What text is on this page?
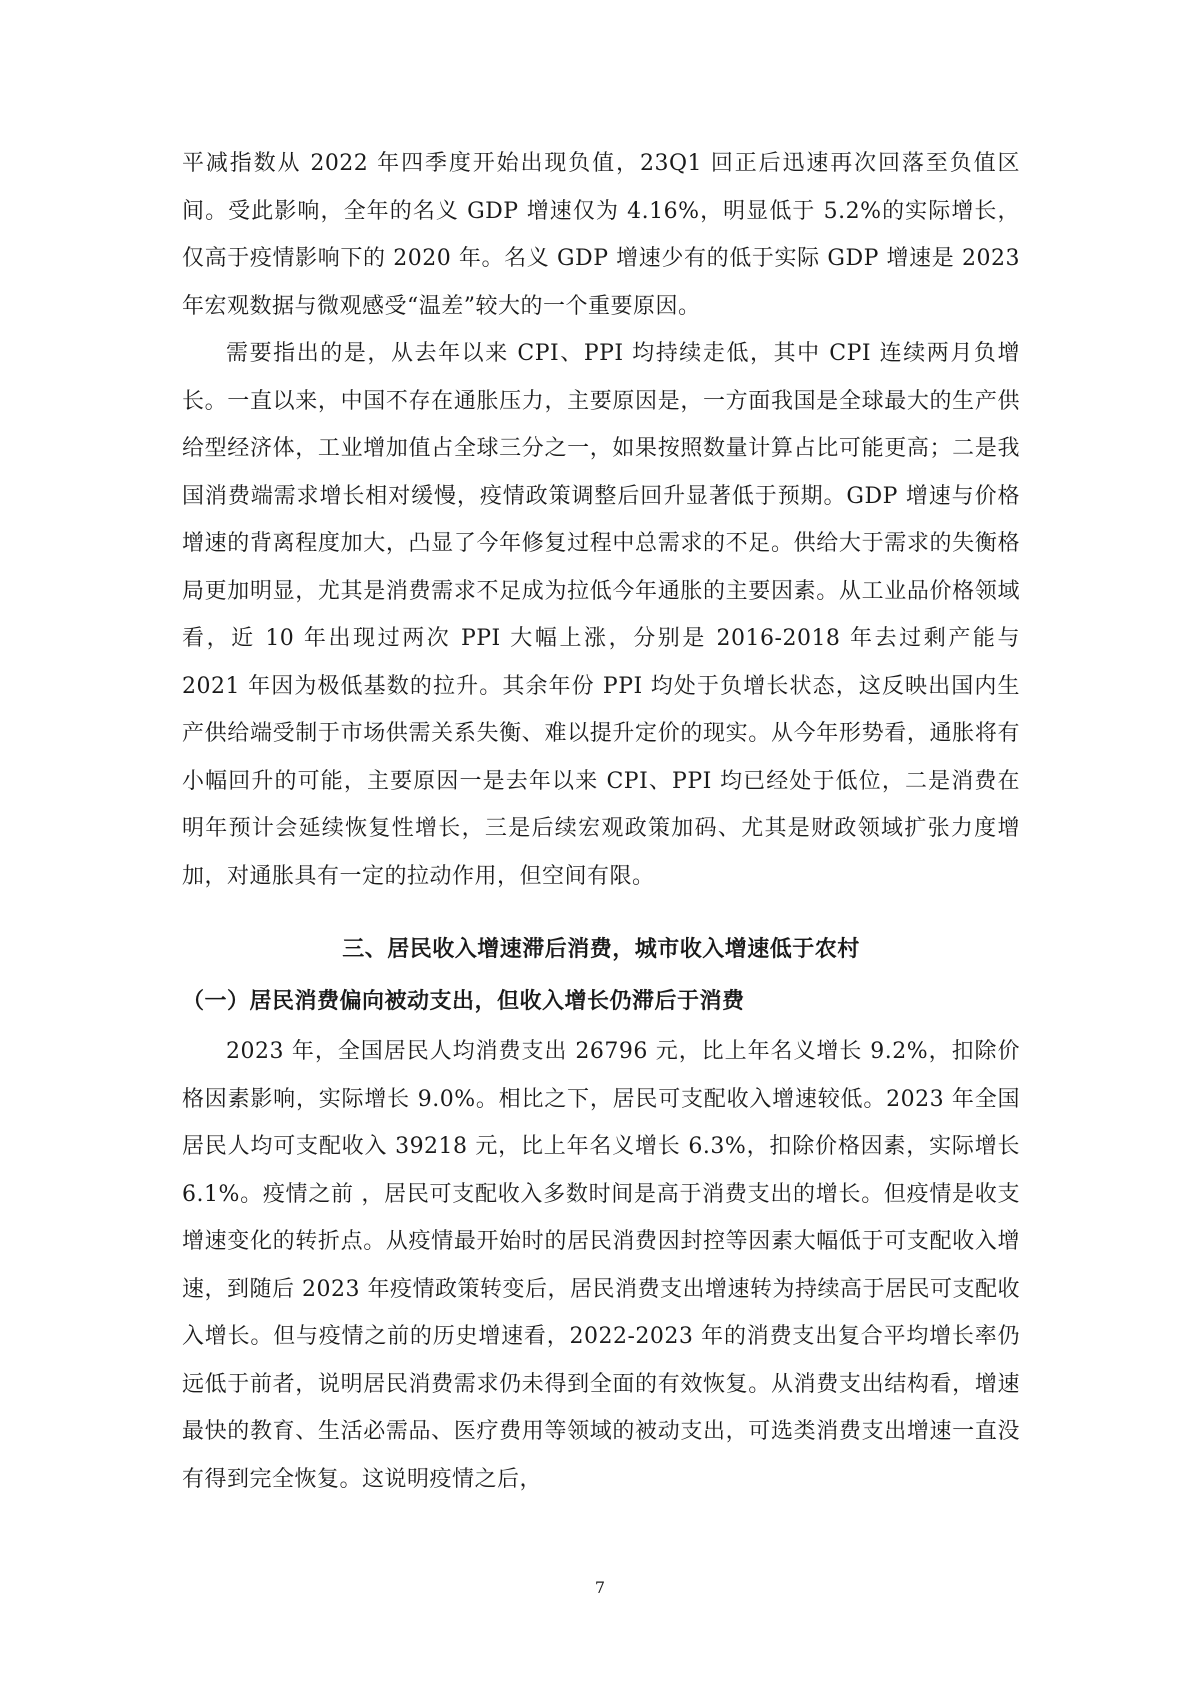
平减指数从 2022 年四季度开始出现负值，23Q1 回正后迅速再次回落至负值区间。受此影响，全年的名义 GDP 增速仅为 4.16%，明显低于 5.2%的实际增长，仅高于疫情影响下的 2020 年。名义 GDP 增速少有的低于实际 GDP 增速是 2023 年宏观数据与微观感受“温差”较大的一个重要原因。

需要指出的是，从去年以来 CPI、PPI 均持续走低，其中 CPI 连续两月负增长。一直以来，中国不存在通胀压力，主要原因是，一方面我国是全球最大的生产供给型经济体，工业增加值占全球三分之一，如果按照数量计算占比可能更高；二是我国消费端需求增长相对缓慢，疫情政策调整后回升显著低于预期。GDP 增速与价格增速的背离程度加大，凸显了今年修复过程中总需求的不足。供给大于需求的失衡格局更加明显，尤其是消费需求不足成为拉低今年通胀的主要因素。从工业品价格领域看，近 10 年出现过两次 PPI 大幅上涨，分别是 2016-2018 年去过剩产能与 2021 年因为极低基数的拉升。其余年份 PPI 均处于负增长状态，这反映出国内生产供给端受制于市场供需关系失衡、难以提升定价的现实。从今年形势看，通胀将有小幅回升的可能，主要原因一是去年以来 CPI、PPI 均已经处于低位，二是消费在明年预计会延续恢复性增长，三是后续宏观政策加码、尤其是财政领域扩张力度增加，对通胀具有一定的拉动作用，但空间有限。

三、居民收入增速滞后消费，城市收入增速低于农村
（一）居民消费偏向被动支出，但收入增长仍滞后于消费

2023 年，全国居民人均消费支出 26796 元，比上年名义增长 9.2%，扣除价格因素影响，实际增长 9.0%。相比之下，居民可支配收入增速较低。2023 年全国居民人均可支配收入 39218 元，比上年名义增长 6.3%，扣除价格因素，实际增长 6.1%。疫情之前 ，居民可支配收入多数时间是高于消费支出的增长。但疫情是收支增速变化的转折点。从疫情最开始时的居民消费因封控等因素大幅低于可支配收入增速，到随后 2023 年疫情政策转变后，居民消费支出增速转为持续高于居民可支配收入增长。但与疫情之前的历史增速看，2022-2023 年的消费支出复合平均增长率仍远低于前者，说明居民消费需求仍未得到全面的有效恢复。从消费支出结构看，增速最快的教育、生活必需品、医疗费用等领域的被动支出，可选类消费支出增速一直没有得到完全恢复。这说明疫情之后，

7
